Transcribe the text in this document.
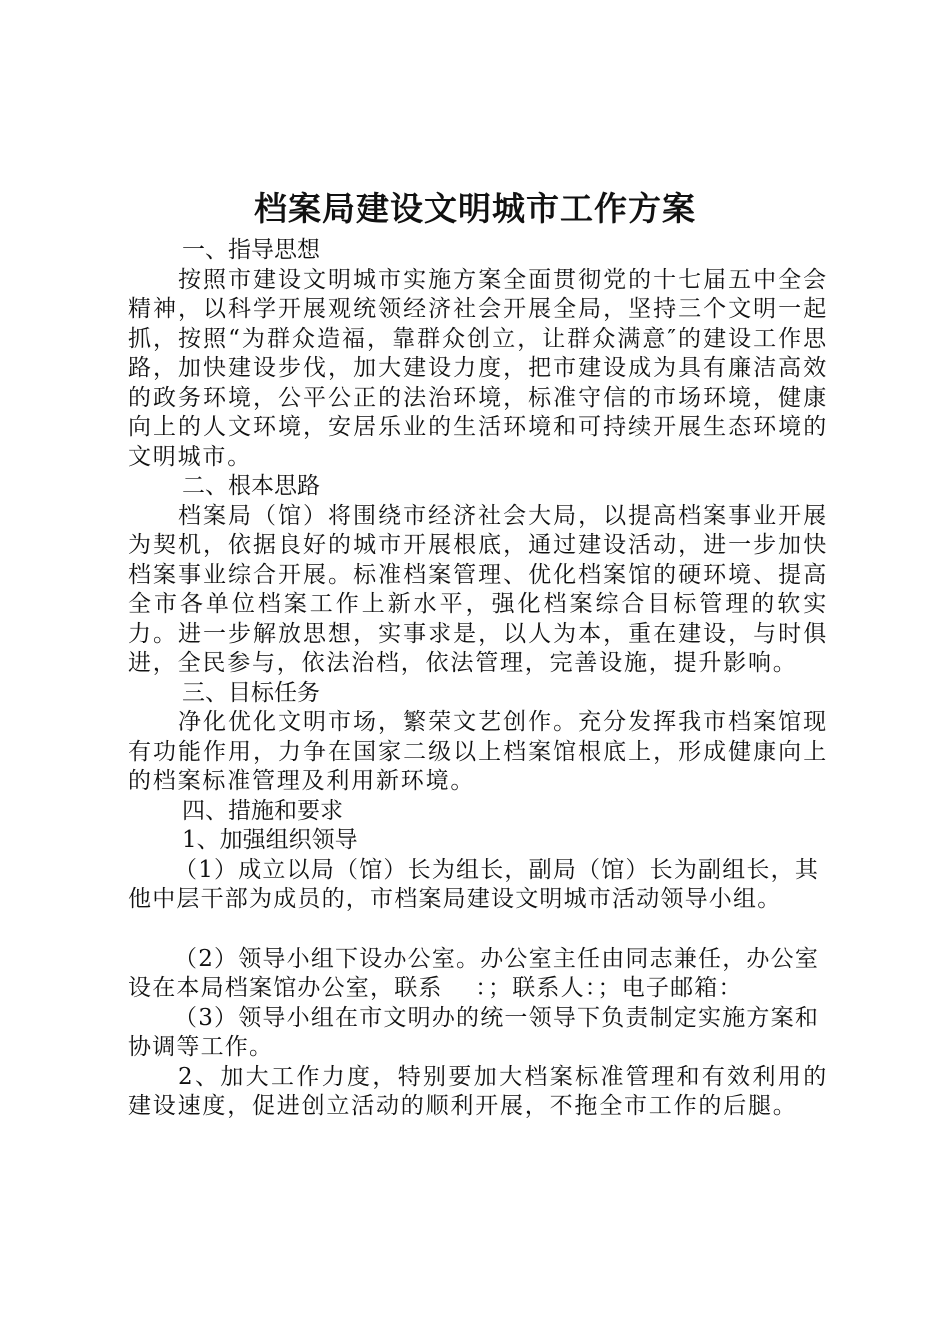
档案局建设文明城市工作方案

一、指导思想

按照市建设文明城市实施方案全面贯彻党的十七届五中全会精神，以科学开展观统领经济社会开展全局，坚持三个文明一起抓，按照“为群众造福，靠群众创立，让群众满意″的建设工作思路，加快建设步伐，加大建设力度，把市建设成为具有廉洁高效的政务环境，公平公正的法治环境，标准守信的市场环境，健康向上的人文环境，安居乐业的生活环境和可持续开展生态环境的文明城市。

二、根本思路

档案局（馆）将围绕市经济社会大局，以提高档案事业开展为契机，依据良好的城市开展根底，通过建设活动，进一步加快档案事业综合开展。标准档案管理、优化档案馆的硬环境、提高全市各单位档案工作上新水平，强化档案综合目标管理的软实力。进一步解放思想，实事求是，以人为本，重在建设，与时俱进，全民参与，依法治档，依法管理，完善设施，提升影响。

三、目标任务

净化优化文明市场，繁荣文艺创作。充分发挥我市档案馆现有功能作用，力争在国家二级以上档案馆根底上，形成健康向上的档案标准管理及利用新环境。

四、措施和要求

1、加强组织领导

（1）成立以局（馆）长为组长，副局（馆）长为副组长，其他中层干部为成员的，市档案局建设文明城市活动领导小组。

（2）领导小组下设办公室。办公室主任由同志兼任，办公室设在本局档案馆办公室，联系　 ：；联系人：；电子邮箱：

（3）领导小组在市文明办的统一领导下负责制定实施方案和协调等工作。

2、加大工作力度，特别要加大档案标准管理和有效利用的建设速度，促进创立活动的顺利开展，不拖全市工作的后腿。
